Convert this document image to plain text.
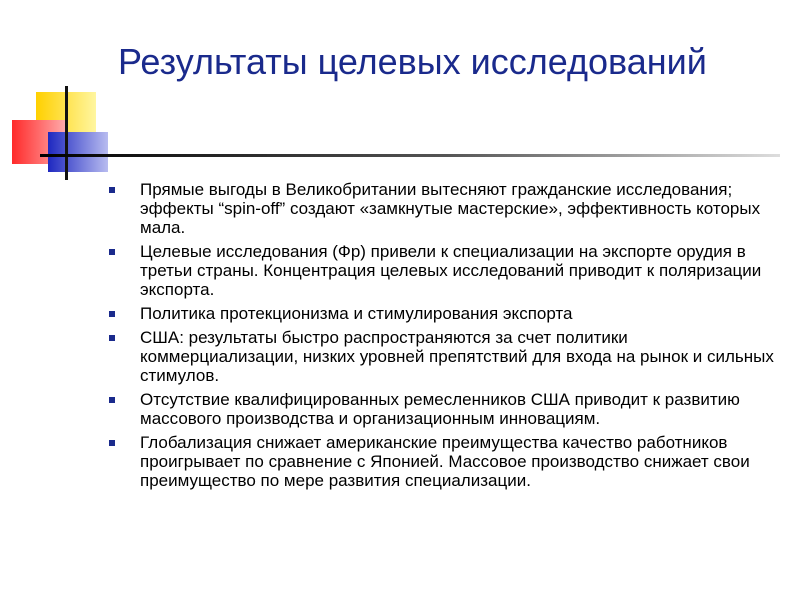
Результаты целевых исследований
Прямые выгоды в Великобритании вытесняют гражданские исследования; эффекты “spin-off” создают «замкнутые мастерские», эффективность которых мала.
Целевые исследования (Фр) привели к специализации на экспорте орудия в третьи страны. Концентрация целевых исследований приводит к поляризации экспорта.
Политика протекционизма и стимулирования экспорта
США: результаты быстро распространяются за счет политики коммерциализации, низких уровней препятствий для входа на рынок и сильных стимулов.
Отсутствие квалифицированных ремесленников США приводит к развитию массового производства и организационным инновациям.
Глобализация снижает американские преимущества качество работников проигрывает по сравнение с Японией. Массовое производство снижает свои преимущество по мере развития специализации.
